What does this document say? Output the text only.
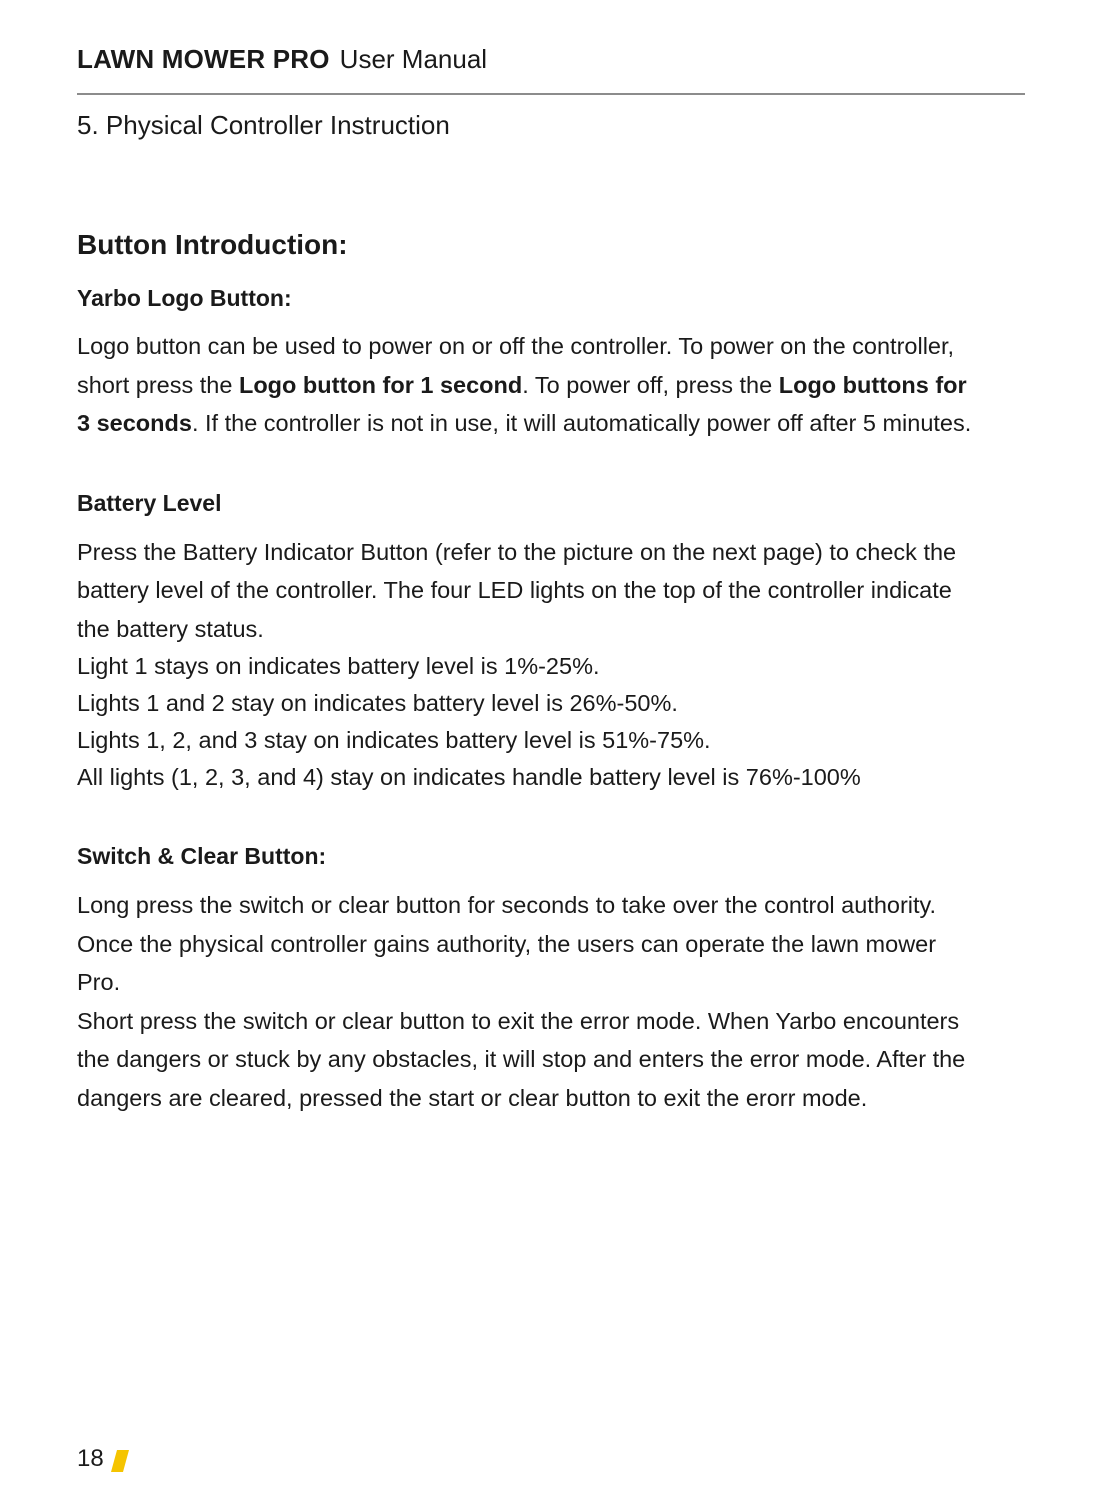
LAWN MOWER PRO User Manual
5. Physical Controller Instruction
Button Introduction:
Yarbo Logo Button:

Logo button can be used to power on or off the controller. To power on the controller, short press the Logo button for 1 second. To power off, press the Logo buttons for 3 seconds. If the controller is not in use, it will automatically power off after 5 minutes.

Battery Level

Press the Battery Indicator Button (refer to the picture on the next page) to check the battery level of the controller. The four LED lights on the top of the controller indicate the battery status.

Light 1 stays on indicates battery level is 1%-25%.

Lights 1 and 2 stay on indicates battery level is 26%-50%.

Lights 1, 2, and 3 stay on indicates battery level is 51%-75%.

All lights (1, 2, 3, and 4) stay on indicates handle battery level is 76%-100%

Switch & Clear Button:

Long press the switch or clear button for seconds to take over the control authority. Once the physical controller gains authority, the users can operate the lawn mower Pro.

Short press the switch or clear button to exit the error mode. When Yarbo encounters the dangers or stuck by any obstacles, it will stop and enters the error mode. After the dangers are cleared, pressed the start or clear button to exit the erorr mode.

18
